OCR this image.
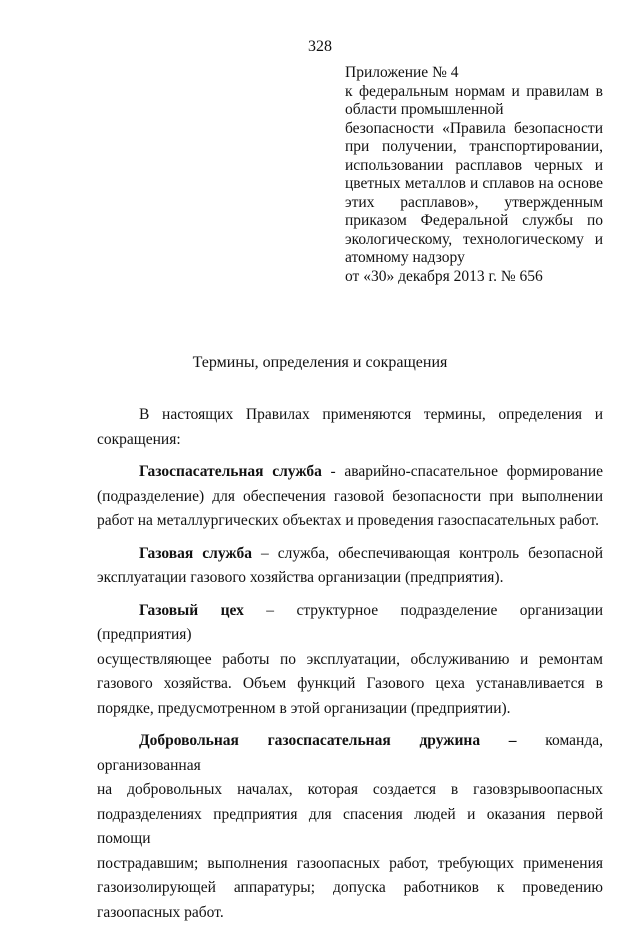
328
Приложение № 4
к федеральным нормам и правилам в
области промышленной
безопасности «Правила безопасности
при получении, транспортировании,
использовании расплавов черных и
цветных металлов и сплавов на основе
этих расплавов», утвержденным
приказом Федеральной службы по
экологическому, технологическому и
атомному надзору
от «30» декабря 2013 г. № 656
Термины, определения и сокращения
В настоящих Правилах применяются термины, определения и
сокращения:
Газоспасательная служба - аварийно-спасательное формирование
(подразделение) для обеспечения газовой безопасности при выполнении
работ на металлургических объектах и проведения газоспасательных работ.
Газовая служба – служба, обеспечивающая контроль безопасной
эксплуатации газового хозяйства организации (предприятия).
Газовый цех – структурное подразделение организации (предприятия)
осуществляющее работы по эксплуатации, обслуживанию и ремонтам
газового хозяйства. Объем функций Газового цеха устанавливается в
порядке, предусмотренном в этой организации (предприятии).
Добровольная газоспасательная дружина – команда, организованная
на добровольных началах, которая создается в газовзрывоопасных
подразделениях предприятия для спасения людей и оказания первой помощи
пострадавшим; выполнения газоопасных работ, требующих применения
газоизолирующей аппаратуры; допуска работников к проведению
газоопасных работ.
